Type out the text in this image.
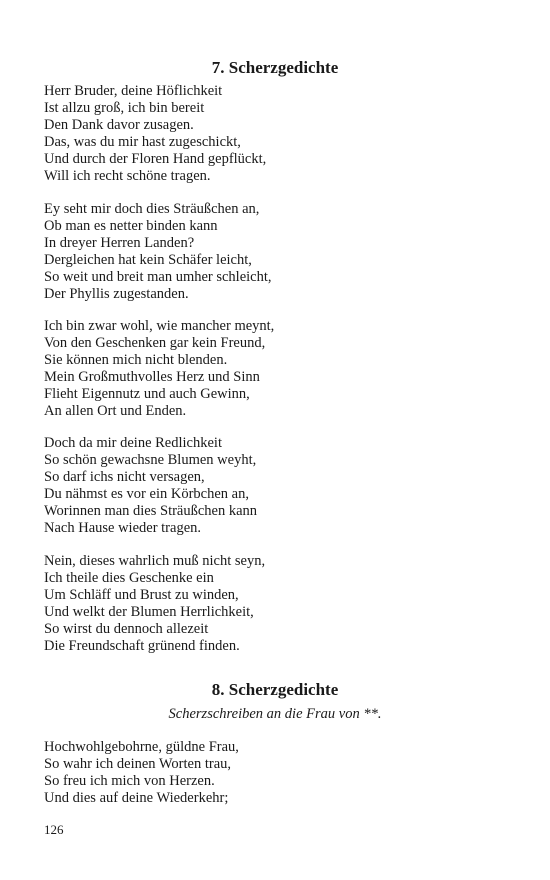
7. Scherzgedichte
Herr Bruder, deine Höflichkeit
Ist allzu groß, ich bin bereit
Den Dank davor zusagen.
Das, was du mir hast zugeschickt,
Und durch der Floren Hand gepflückt,
Will ich recht schöne tragen.
Ey seht mir doch dies Sträußchen an,
Ob man es netter binden kann
In dreyer Herren Landen?
Dergleichen hat kein Schäfer leicht,
So weit und breit man umher schleicht,
Der Phyllis zugestanden.
Ich bin zwar wohl, wie mancher meynt,
Von den Geschenken gar kein Freund,
Sie können mich nicht blenden.
Mein Großmuthvolles Herz und Sinn
Flieht Eigennutz und auch Gewinn,
An allen Ort und Enden.
Doch da mir deine Redlichkeit
So schön gewachsne Blumen weyht,
So darf ichs nicht versagen,
Du nähmst es vor ein Körbchen an,
Worinnen man dies Sträußchen kann
Nach Hause wieder tragen.
Nein, dieses wahrlich muß nicht seyn,
Ich theile dies Geschenke ein
Um Schläff und Brust zu winden,
Und welkt der Blumen Herrlichkeit,
So wirst du dennoch allezeit
Die Freundschaft grünend finden.
8. Scherzgedichte

Scherzschreiben an die Frau von **.

Hochwohlgebohrne, güldne Frau,
So wahr ich deinen Worten trau,
So freu ich mich von Herzen.
Und dies auf deine Wiederkehr;
126
